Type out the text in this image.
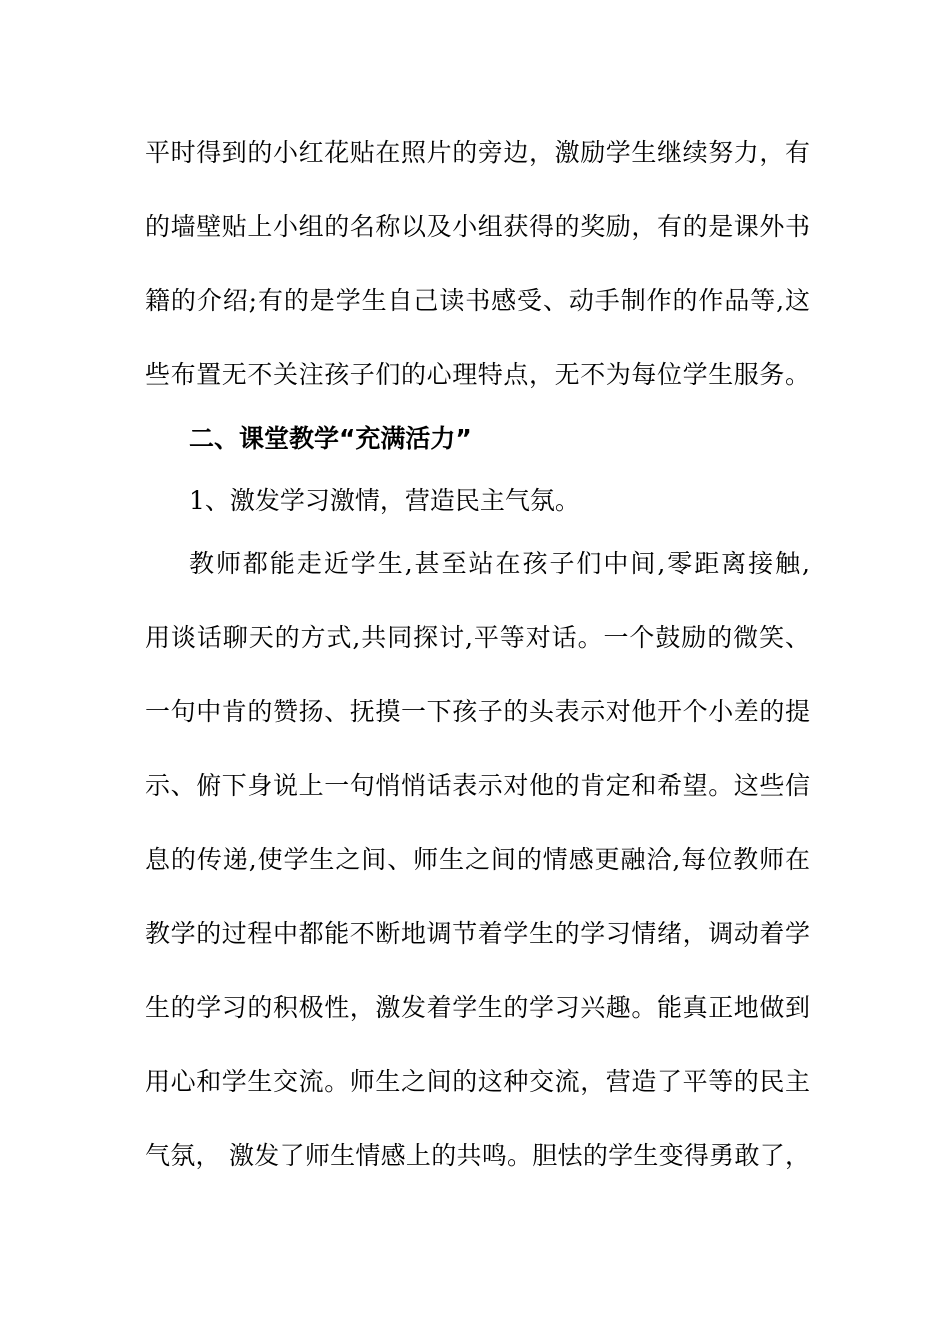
平时得到的小红花贴在照片的旁边，激励学生继续努力，有
的墙壁贴上小组的名称以及小组获得的奖励，有的是课外书
籍的介绍;有的是学生自己读书感受、动手制作的作品等,这
些布置无不关注孩子们的心理特点，无不为每位学生服务。
二、课堂教学“充满活力”
1、激发学习激情，营造民主气氛。
教师都能走近学生,甚至站在孩子们中间,零距离接触,
用谈话聊天的方式,共同探讨,平等对话。一个鼓励的微笑、
一句中肯的赞扬、抚摸一下孩子的头表示对他开个小差的提
示、俯下身说上一句悄悄话表示对他的肯定和希望。这些信
息的传递,使学生之间、师生之间的情感更融洽,每位教师在
教学的过程中都能不断地调节着学生的学习情绪，调动着学
生的学习的积极性，激发着学生的学习兴趣。能真正地做到
用心和学生交流。师生之间的这种交流，营造了平等的民主
气氛， 激发了师生情感上的共鸣。胆怯的学生变得勇敢了，
